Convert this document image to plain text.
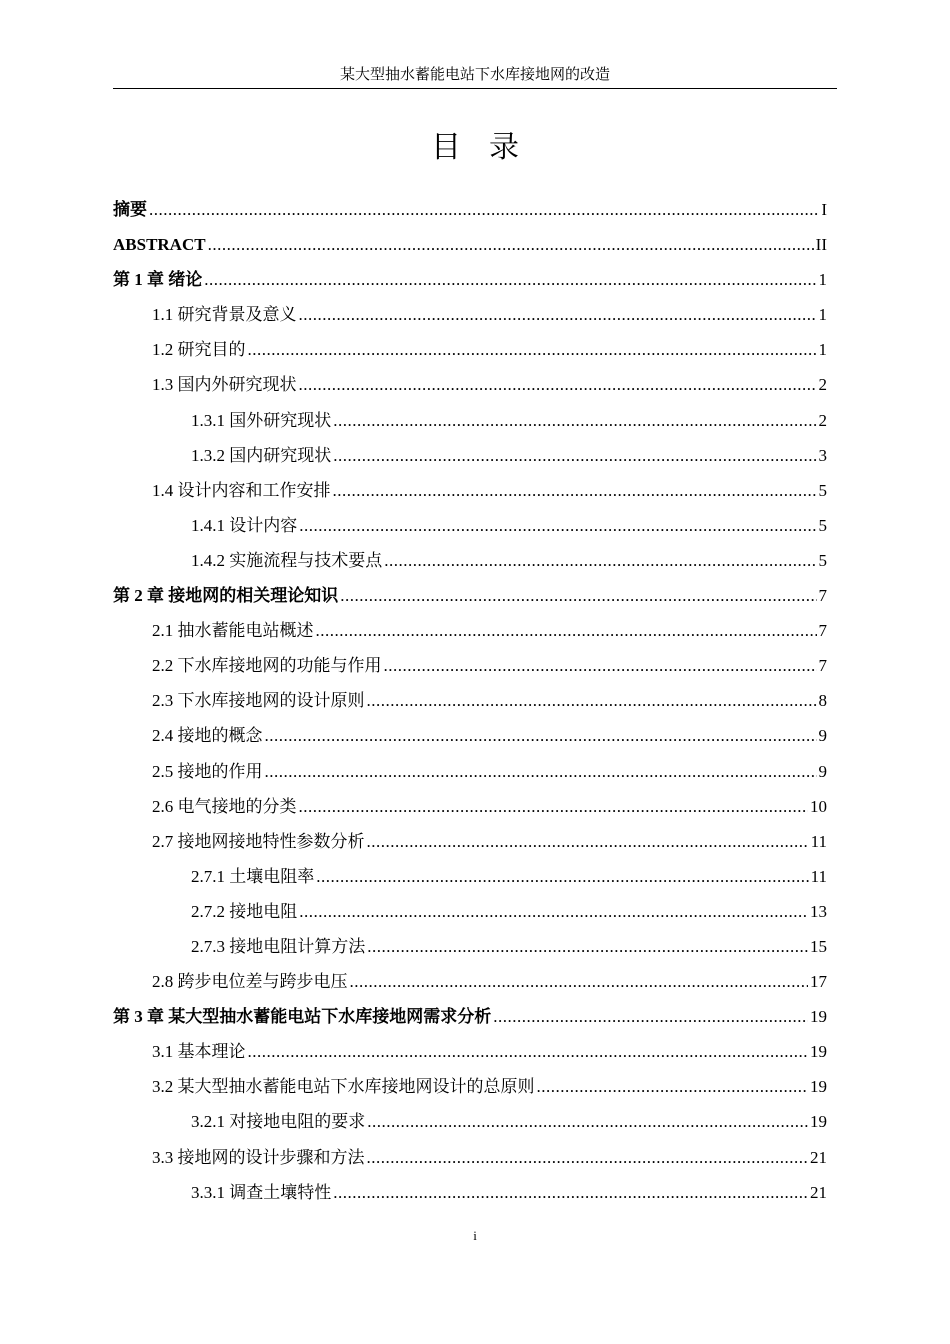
某大型抽水蓄能电站下水库接地网的改造
目录
摘要 .....	I
ABSTRACT .....	II
第 1 章 绪论 .....	1
1.1 研究背景及意义 .....	1
1.2 研究目的 .....	1
1.3 国内外研究现状 .....	2
1.3.1 国外研究现状 .....	2
1.3.2 国内研究现状 .....	3
1.4 设计内容和工作安排 .....	5
1.4.1 设计内容 .....	5
1.4.2 实施流程与技术要点 .....	5
第 2 章 接地网的相关理论知识 .....	7
2.1 抽水蓄能电站概述 .....	7
2.2 下水库接地网的功能与作用 .....	7
2.3 下水库接地网的设计原则 .....	8
2.4 接地的概念 .....	9
2.5 接地的作用 .....	9
2.6 电气接地的分类 .....	10
2.7 接地网接地特性参数分析 .....	11
2.7.1 土壤电阻率 .....	11
2.7.2 接地电阻 .....	13
2.7.3 接地电阻计算方法 .....	15
2.8 跨步电位差与跨步电压 .....	17
第 3 章 某大型抽水蓄能电站下水库接地网需求分析 .....	19
3.1 基本理论 .....	19
3.2 某大型抽水蓄能电站下水库接地网设计的总原则 .....	19
3.2.1 对接地电阻的要求 .....	19
3.3 接地网的设计步骤和方法 .....	21
3.3.1 调查土壤特性 .....	21
i
